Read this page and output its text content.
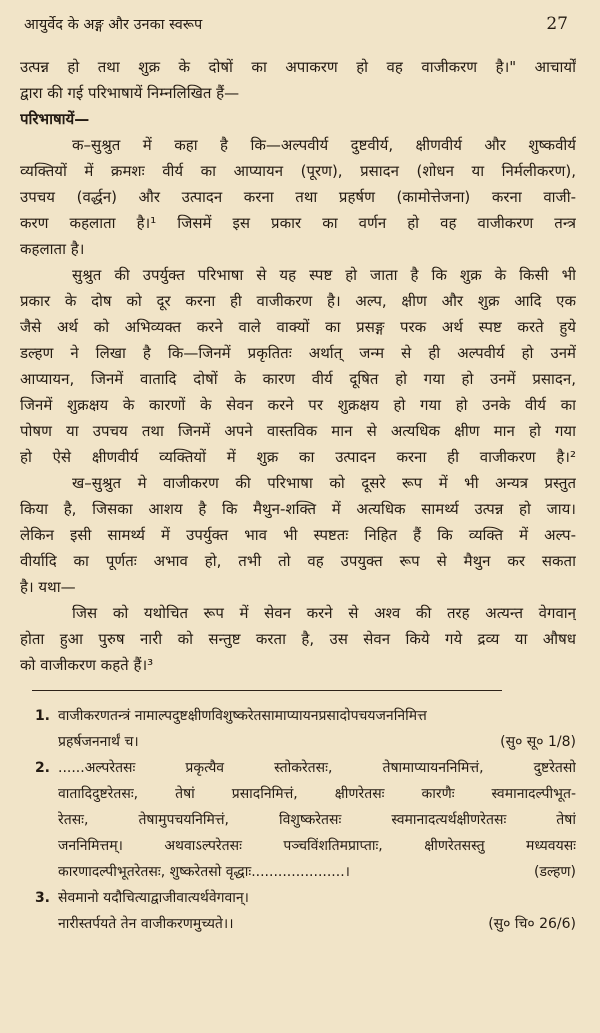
आयुर्वेद के अङ्ग और उनका स्वरूप	27
उत्पन्न हो तथा शुक्र के दोषों का अपाकरण हो वह वाजीकरण है।" आचार्यों
द्वारा की गई परिभाषायें निम्नलिखित हैं—
परिभाषायें—
क–सुश्रुत में कहा है कि—अल्पवीर्य दुष्टवीर्य, क्षीणवीर्य और शुष्कवीर्य
व्यक्तियों में क्रमशः वीर्य का आप्यायन (पूरण), प्रसादन (शोधन या निर्मलीकरण),
उपचय (वर्द्धन) और उत्पादन करना तथा प्रहर्षण (कामोत्तेजना) करना वाजी-
करण कहलाता है।¹ जिसमें इस प्रकार का वर्णन हो वह वाजीकरण तन्त्र
कहलाता है।
सुश्रुत की उपर्युक्त परिभाषा से यह स्पष्ट हो जाता है कि शुक्र के किसी भी
प्रकार के दोष को दूर करना ही वाजीकरण है। अल्प, क्षीण और शुक्र आदि एक
जैसे अर्थ को अभिव्यक्त करने वाले वाक्यों का प्रसङ्ग परक अर्थ स्पष्ट करते हुये
डल्हण ने लिखा है कि—जिनमें प्रकृतितः अर्थात् जन्म से ही अल्पवीर्य हो उनमें
आप्यायन, जिनमें वातादि दोषों के कारण वीर्य दूषित हो गया हो उनमें प्रसादन,
जिनमें शुक्रक्षय के कारणों के सेवन करने पर शुक्रक्षय हो गया हो उनके वीर्य का
पोषण या उपचय तथा जिनमें अपने वास्तविक मान से अत्यधिक क्षीण मान हो गया
हो ऐसे क्षीणवीर्य व्यक्तियों में शुक्र का उत्पादन करना ही वाजीकरण है।²
ख–सुश्रुत मे वाजीकरण की परिभाषा को दूसरे रूप में भी अन्यत्र प्रस्तुत
किया है, जिसका आशय है कि मैथुन-शक्ति में अत्यधिक सामर्थ्य उत्पन्न हो जाय।
लेकिन इसी सामर्थ्य में उपर्युक्त भाव भी स्पष्टतः निहित हैं कि व्यक्ति में अल्प-
वीर्यादि का पूर्णतः अभाव हो, तभी तो वह उपयुक्त रूप से मैथुन कर सकता
है। यथा—
जिस को यथोचित रूप में सेवन करने से अश्व की तरह अत्यन्त वेगवान्
होता हुआ पुरुष नारी को सन्तुष्ट करता है, उस सेवन किये गये द्रव्य या औषध
को वाजीकरण कहते हैं।³
1. वाजीकरणतन्त्रं नामाल्पदुष्टक्षीणविशुष्करेतसामाप्यायनप्रसादोपचयजननिमित्त
प्रहर्षजननार्थं च।	(सु० सू० 1/8)
2. ......अल्परेतसः प्रकृत्यैव स्तोकरेतसः, तेषामाप्यायननिमित्तं, दुष्टरेतसो
वातादिदुष्टरेतसः, तेषां प्रसादनिमित्तं, क्षीणरेतसः कारणैः स्वमानादल्पीभूत-
रेतसः, तेषामुपचयनिमित्तं, विशुष्करेतसः स्वमानादत्यर्थक्षीणरेतसः तेषां
जननिमित्तम्। अथवाऽल्परेतसः पञ्चविंशतिमप्राप्ताः, क्षीणरेतसस्तु मध्यवयसः
कारणादल्पीभूतरेतसः, शुष्करेतसो वृद्धाः.....................।	(डल्हण)
3. सेवमानो यदौचित्याद्वाजीवात्यर्थवेगवान्।
नारीस्तर्पयते तेन वाजीकरणमुच्यते।।	(सु० चि० 26/6)
